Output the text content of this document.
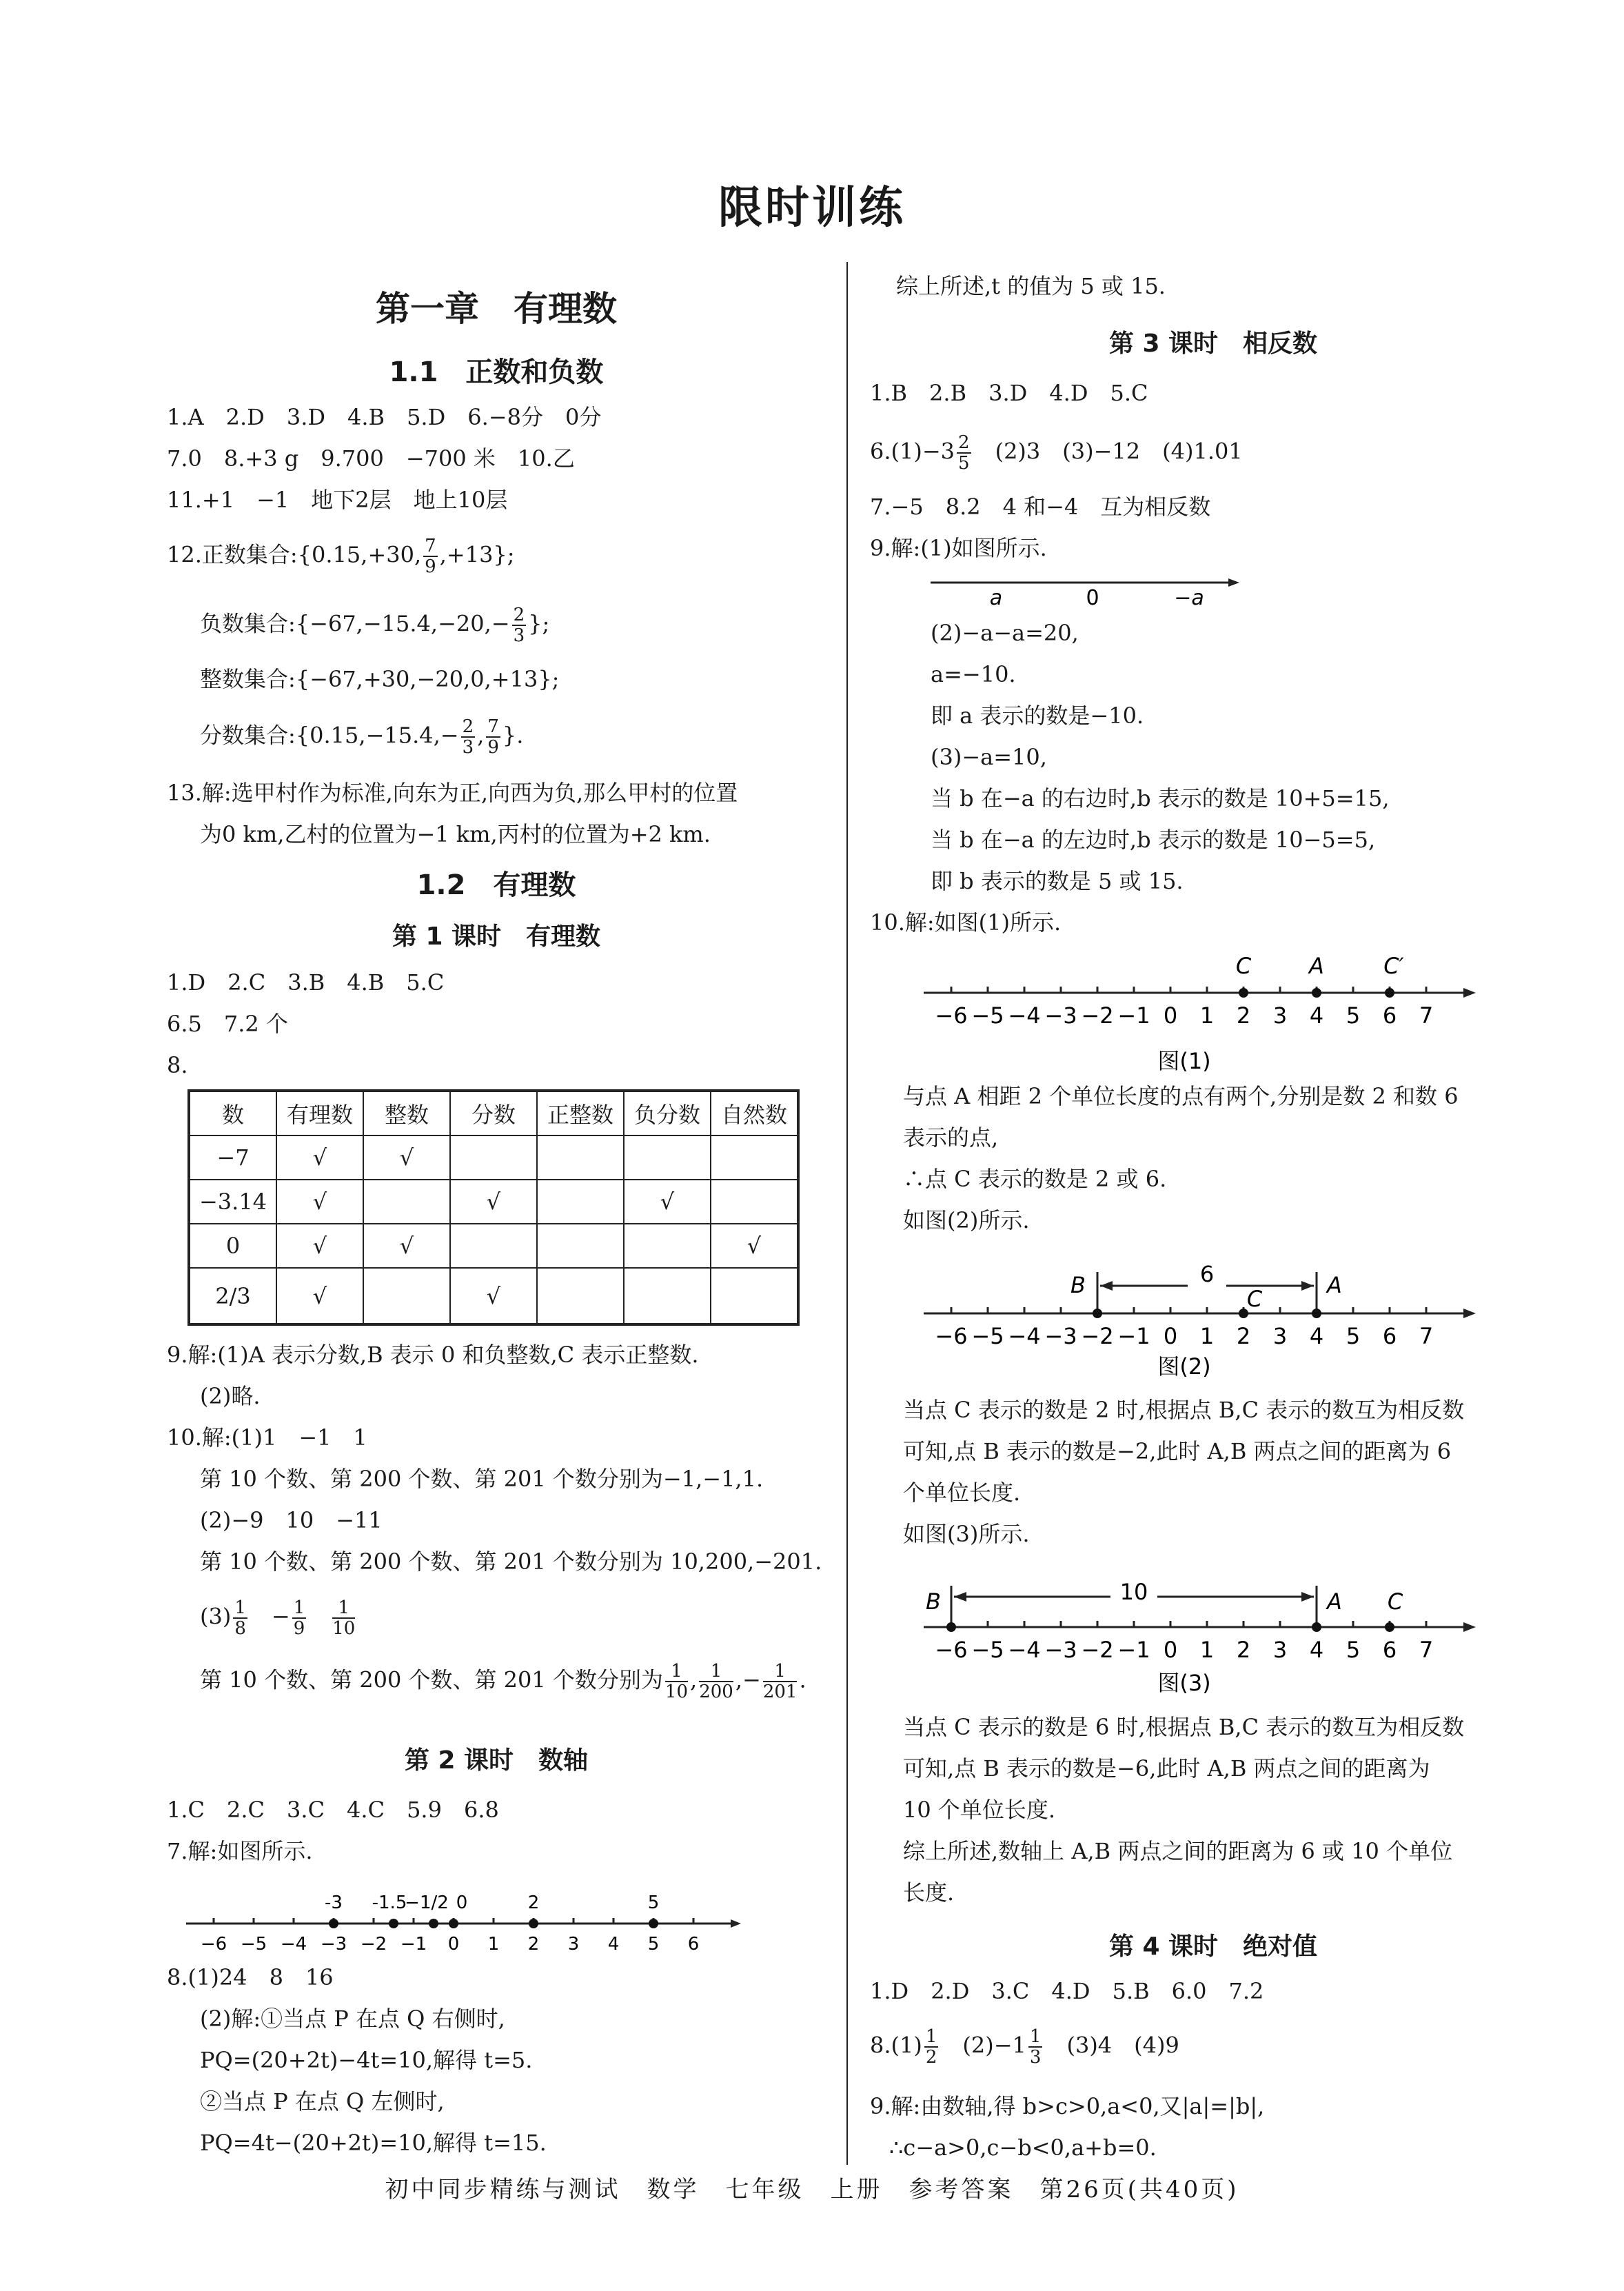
限时训练
第一章　有理数
1.1　正数和负数
1.A　2.D　3.D　4.B　5.D　6.−8分　0分
7.0　8.+3 g　9.700　−700 米　10.乙
11.+1　−1　地下2层　地上10层
12.正数集合:{0.15,+30, $\frac{7}{9} ,+13$};
负数集合:{−67,−15.4,−20,− $\frac{2}{3}$ };
整数集合:{−67,+30,−20,0,+13};
分数集合:{0.15,−15.4,− $\frac{2}{3}$ , $\frac{7}{9}$ }.
13.解:选甲村作为标准,向东为正,向西为负,那么甲村的位置
为0 km,乙村的位置为−1 km,丙村的位置为+2 km.
1.2　有理数
第 1 课时　有理数
1.D　2.C　3.B　4.B　5.C
6.5　7.2 个
8.
数	有理数	整数	分数	正整数	负分数	自然数
−7	√	√				
−3.14	√		√		√	
0	√	√				√
2/3	√		√			
9.解:(1)A 表示分数,B 表示 0 和负整数,C 表示正整数.
(2)略.
10.解:(1)1　−1　1
第 10 个数、第 200 个数、第 201 个数分别为−1,−1,1.
(2)−9　10　−11
第 10 个数、第 200 个数、第 201 个数分别为 10,200,−201.
$(3) \frac{1}{8}$
　 − $\frac{1}{9}$
　 $\frac{1}{10}$
第 10 个数、第 200 个数、第 201 个数分别为 $\frac{1}{10}$ , $\frac{1}{200}$ ,− $\frac{1}{201}$ .
第 2 课时　数轴
1.C　2.C　3.C　4.C　5.9　6.8
7.解:如图所示.
−6 −5 −4 −3 −2 −1 0 1 2 3 4 5 6
-3 -1.5
−1/2 0	2	5
8.(1)24　8　16
(2)解:①当点 P 在点 Q 右侧时,
PQ=(20+2t)−4t=10,解得 t=5.
②当点 P 在点 Q 左侧时,
PQ=4t−(20+2t)=10,解得 t=15.
综上所述,t 的值为 5 或 15.
第 3 课时　相反数
1.B　2.B　3.D　4.D　5.C
$6.(1)-3 \frac{2}{5}$ 　(2)3　(3)−12　(4)1.01
7.−5　8.2　4 和−4　互为相反数
9.解:(1)如图所示.
a	0	−a
(2)−a−a=20,
a=−10.
即 a 表示的数是−10.
(3)−a=10,
当 b 在−a 的右边时,b 表示的数是 10+5=15,
当 b 在−a 的左边时,b 表示的数是 10−5=5,
即 b 表示的数是 5 或 15.
10.解:如图(1)所示.
−6 −5 −4 −3 −2 −1 0 1 2 3 4 5 6 7
C	A	C′
图(1)
与点 A 相距 2 个单位长度的点有两个,分别是数 2 和数 6
表示的点,
∴点 C 表示的数是 2 或 6.
如图(2)所示.
−6 −5 −4 −3 −2 −1 0 1 2 3 4 5 6 7
B	6
C
A
图(2)
当点 C 表示的数是 2 时,根据点 B,C 表示的数互为相反数
可知,点 B 表示的数是−2,此时 A,B 两点之间的距离为 6
个单位长度.
如图(3)所示.
−6 −5 −4 −3 −2 −1 0 1 2 3 4 5 6 7
B	10	A C
图(3)
当点 C 表示的数是 6 时,根据点 B,C 表示的数互为相反数
可知,点 B 表示的数是−6,此时 A,B 两点之间的距离为
10 个单位长度.
综上所述,数轴上 A,B 两点之间的距离为 6 或 10 个单位
长度.
第 4 课时　绝对值
1.D　2.D　3.C　4.D　5.B　6.0　7.2
$8.(1) \frac{1}{2}$ 　$(2)-1 \frac{1}{3}$ 　(3)4　(4)9
9.解:由数轴,得 b>c>0,a<0,又|a|=|b|,
∴c−a>0,c−b<0,a+b=0.
初中同步精练与测试　数学　七年级　上册　参考答案　第26页(共40页)
